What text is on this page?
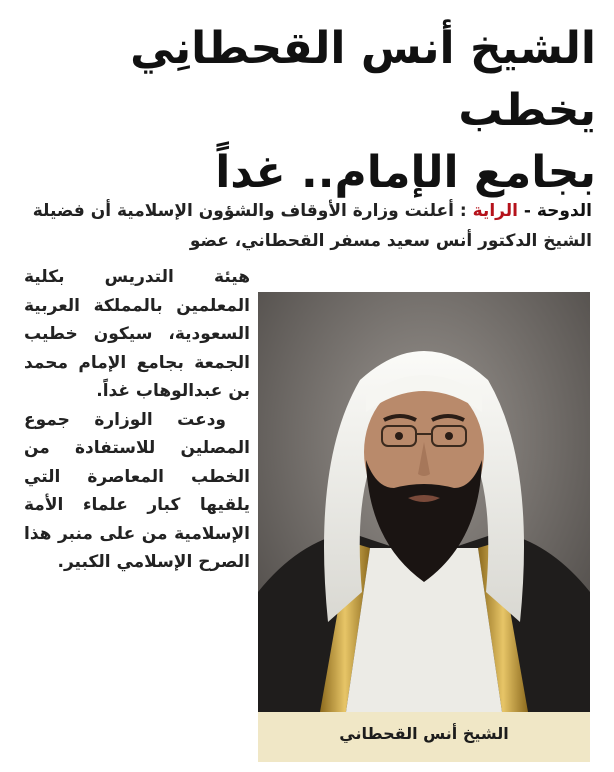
الشيخ أنس القحطانِي يخطب
بجامع الإمام.. غداً
الدوحة - الراية : أعلنت وزارة الأوقاف والشؤون الإسلامية أن فضيلة الشيخ الدكتور أنس سعيد مسفر القحطاني، عضو

هيئة التدريس بكلية المعلمين بالمملكة العربية السعودية، سيكون خطيب الجمعة بجامع الإمام محمد بن عبدالوهاب غداً.

ودعت الوزارة جموع المصلين للاستفادة من الخطب المعاصرة التي يلقيها كبار علماء الأمة الإسلامية من على منبر هذا الصرح الإسلامي الكبير.

الشيخ أنس القحطاني
